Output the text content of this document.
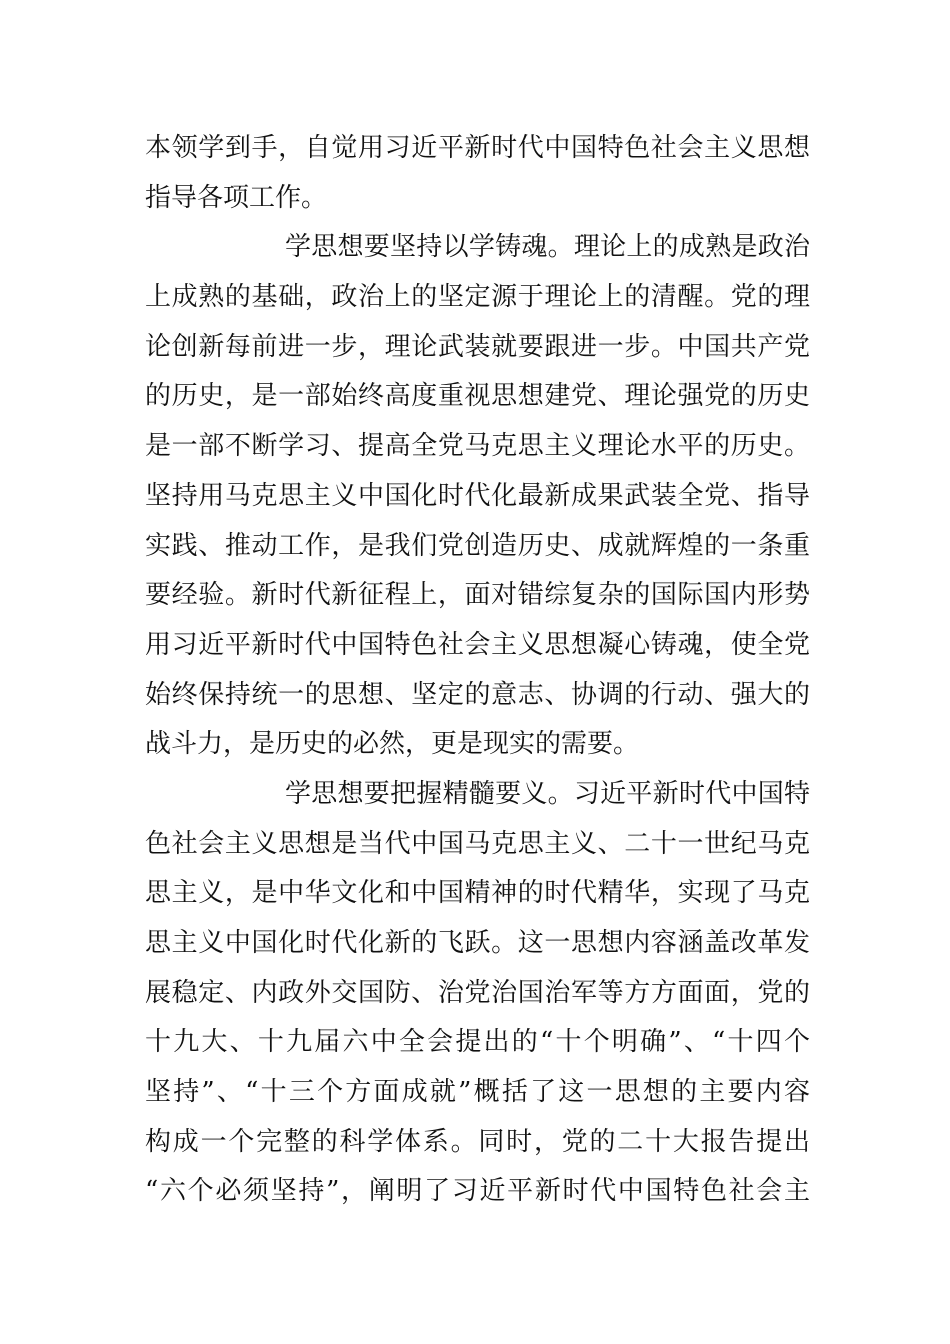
本领学到手，自觉用习近平新时代中国特色社会主义思想
指导各项工作。
学思想要坚持以学铸魂。理论上的成熟是政治
上成熟的基础，政治上的坚定源于理论上的清醒。党的理
论创新每前进一步，理论武装就要跟进一步。中国共产党
的历史，是一部始终高度重视思想建党、理论强党的历史
是一部不断学习、提高全党马克思主义理论水平的历史。
坚持用马克思主义中国化时代化最新成果武装全党、指导
实践、推动工作，是我们党创造历史、成就辉煌的一条重
要经验。新时代新征程上，面对错综复杂的国际国内形势
用习近平新时代中国特色社会主义思想凝心铸魂，使全党
始终保持统一的思想、坚定的意志、协调的行动、强大的
战斗力，是历史的必然，更是现实的需要。
学思想要把握精髓要义。习近平新时代中国特
色社会主义思想是当代中国马克思主义、二十一世纪马克
思主义，是中华文化和中国精神的时代精华，实现了马克
思主义中国化时代化新的飞跃。这一思想内容涵盖改革发
展稳定、内政外交国防、治党治国治军等方方面面，党的
十九大、十九届六中全会提出的“十个明确”、“十四个
坚持”、“十三个方面成就”概括了这一思想的主要内容
构成一个完整的科学体系。同时，党的二十大报告提出
“六个必须坚持”，阐明了习近平新时代中国特色社会主
